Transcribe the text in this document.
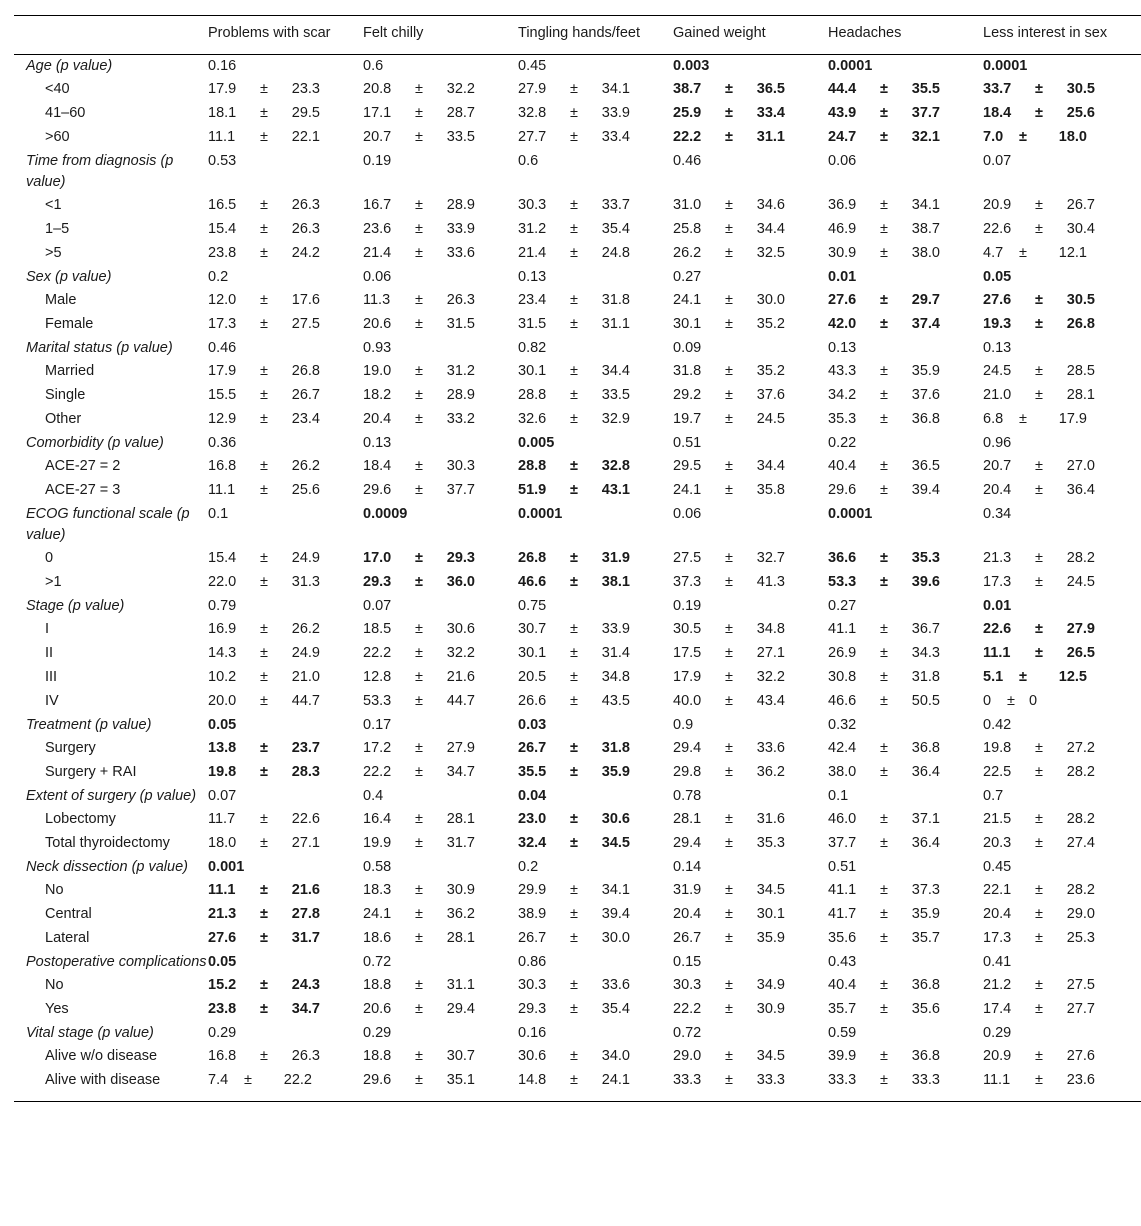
	Problems with scar	Felt chilly	Tingling hands/feet	Gained weight	Headaches	Less interest in sex
Age (p value)	0.16	0.6	0.45	0.003	0.0001	0.0001
<40	17.9 ± 23.3	20.8 ± 32.2	27.9 ± 34.1	38.7 ± 36.5	44.4 ± 35.5	33.7 ± 30.5
41–60	18.1 ± 29.5	17.1 ± 28.7	32.8 ± 33.9	25.9 ± 33.4	43.9 ± 37.7	18.4 ± 25.6
>60	11.1 ± 22.1	20.7 ± 33.5	27.7 ± 33.4	22.2 ± 31.1	24.7 ± 32.1	7.0 ± 18.0
Time from diagnosis (p value)	0.53	0.19	0.6	0.46	0.06	0.07
<1	16.5 ± 26.3	16.7 ± 28.9	30.3 ± 33.7	31.0 ± 34.6	36.9 ± 34.1	20.9 ± 26.7
1–5	15.4 ± 26.3	23.6 ± 33.9	31.2 ± 35.4	25.8 ± 34.4	46.9 ± 38.7	22.6 ± 30.4
>5	23.8 ± 24.2	21.4 ± 33.6	21.4 ± 24.8	26.2 ± 32.5	30.9 ± 38.0	4.7 ± 12.1
Sex (p value)	0.2	0.06	0.13	0.27	0.01	0.05
Male	12.0 ± 17.6	11.3 ± 26.3	23.4 ± 31.8	24.1 ± 30.0	27.6 ± 29.7	27.6 ± 30.5
Female	17.3 ± 27.5	20.6 ± 31.5	31.5 ± 31.1	30.1 ± 35.2	42.0 ± 37.4	19.3 ± 26.8
Marital status (p value)	0.46	0.93	0.82	0.09	0.13	0.13
Married	17.9 ± 26.8	19.0 ± 31.2	30.1 ± 34.4	31.8 ± 35.2	43.3 ± 35.9	24.5 ± 28.5
Single	15.5 ± 26.7	18.2 ± 28.9	28.8 ± 33.5	29.2 ± 37.6	34.2 ± 37.6	21.0 ± 28.1
Other	12.9 ± 23.4	20.4 ± 33.2	32.6 ± 32.9	19.7 ± 24.5	35.3 ± 36.8	6.8 ± 17.9
Comorbidity (p value)	0.36	0.13	0.005	0.51	0.22	0.96
ACE-27 = 2	16.8 ± 26.2	18.4 ± 30.3	28.8 ± 32.8	29.5 ± 34.4	40.4 ± 36.5	20.7 ± 27.0
ACE-27 = 3	11.1 ± 25.6	29.6 ± 37.7	51.9 ± 43.1	24.1 ± 35.8	29.6 ± 39.4	20.4 ± 36.4
ECOG functional scale (p value)	0.1	0.0009	0.0001	0.06	0.0001	0.34
0	15.4 ± 24.9	17.0 ± 29.3	26.8 ± 31.9	27.5 ± 32.7	36.6 ± 35.3	21.3 ± 28.2
>1	22.0 ± 31.3	29.3 ± 36.0	46.6 ± 38.1	37.3 ± 41.3	53.3 ± 39.6	17.3 ± 24.5
Stage (p value)	0.79	0.07	0.75	0.19	0.27	0.01
I	16.9 ± 26.2	18.5 ± 30.6	30.7 ± 33.9	30.5 ± 34.8	41.1 ± 36.7	22.6 ± 27.9
II	14.3 ± 24.9	22.2 ± 32.2	30.1 ± 31.4	17.5 ± 27.1	26.9 ± 34.3	11.1 ± 26.5
III	10.2 ± 21.0	12.8 ± 21.6	20.5 ± 34.8	17.9 ± 32.2	30.8 ± 31.8	5.1 ± 12.5
IV	20.0 ± 44.7	53.3 ± 44.7	26.6 ± 43.5	40.0 ± 43.4	46.6 ± 50.5	0 ± 0
Treatment (p value)	0.05	0.17	0.03	0.9	0.32	0.42
Surgery	13.8 ± 23.7	17.2 ± 27.9	26.7 ± 31.8	29.4 ± 33.6	42.4 ± 36.8	19.8 ± 27.2
Surgery + RAI	19.8 ± 28.3	22.2 ± 34.7	35.5 ± 35.9	29.8 ± 36.2	38.0 ± 36.4	22.5 ± 28.2
Extent of surgery (p value)	0.07	0.4	0.04	0.78	0.1	0.7
Lobectomy	11.7 ± 22.6	16.4 ± 28.1	23.0 ± 30.6	28.1 ± 31.6	46.0 ± 37.1	21.5 ± 28.2
Total thyroidectomy	18.0 ± 27.1	19.9 ± 31.7	32.4 ± 34.5	29.4 ± 35.3	37.7 ± 36.4	20.3 ± 27.4
Neck dissection (p value)	0.001	0.58	0.2	0.14	0.51	0.45
No	11.1 ± 21.6	18.3 ± 30.9	29.9 ± 34.1	31.9 ± 34.5	41.1 ± 37.3	22.1 ± 28.2
Central	21.3 ± 27.8	24.1 ± 36.2	38.9 ± 39.4	20.4 ± 30.1	41.7 ± 35.9	20.4 ± 29.0
Lateral	27.6 ± 31.7	18.6 ± 28.1	26.7 ± 30.0	26.7 ± 35.9	35.6 ± 35.7	17.3 ± 25.3
Postoperative complications	0.05	0.72	0.86	0.15	0.43	0.41
No	15.2 ± 24.3	18.8 ± 31.1	30.3 ± 33.6	30.3 ± 34.9	40.4 ± 36.8	21.2 ± 27.5
Yes	23.8 ± 34.7	20.6 ± 29.4	29.3 ± 35.4	22.2 ± 30.9	35.7 ± 35.6	17.4 ± 27.7
Vital stage (p value)	0.29	0.29	0.16	0.72	0.59	0.29
Alive w/o disease	16.8 ± 26.3	18.8 ± 30.7	30.6 ± 34.0	29.0 ± 34.5	39.9 ± 36.8	20.9 ± 27.6
Alive with disease	7.4 ± 22.2	29.6 ± 35.1	14.8 ± 24.1	33.3 ± 33.3	33.3 ± 33.3	11.1 ± 23.6
